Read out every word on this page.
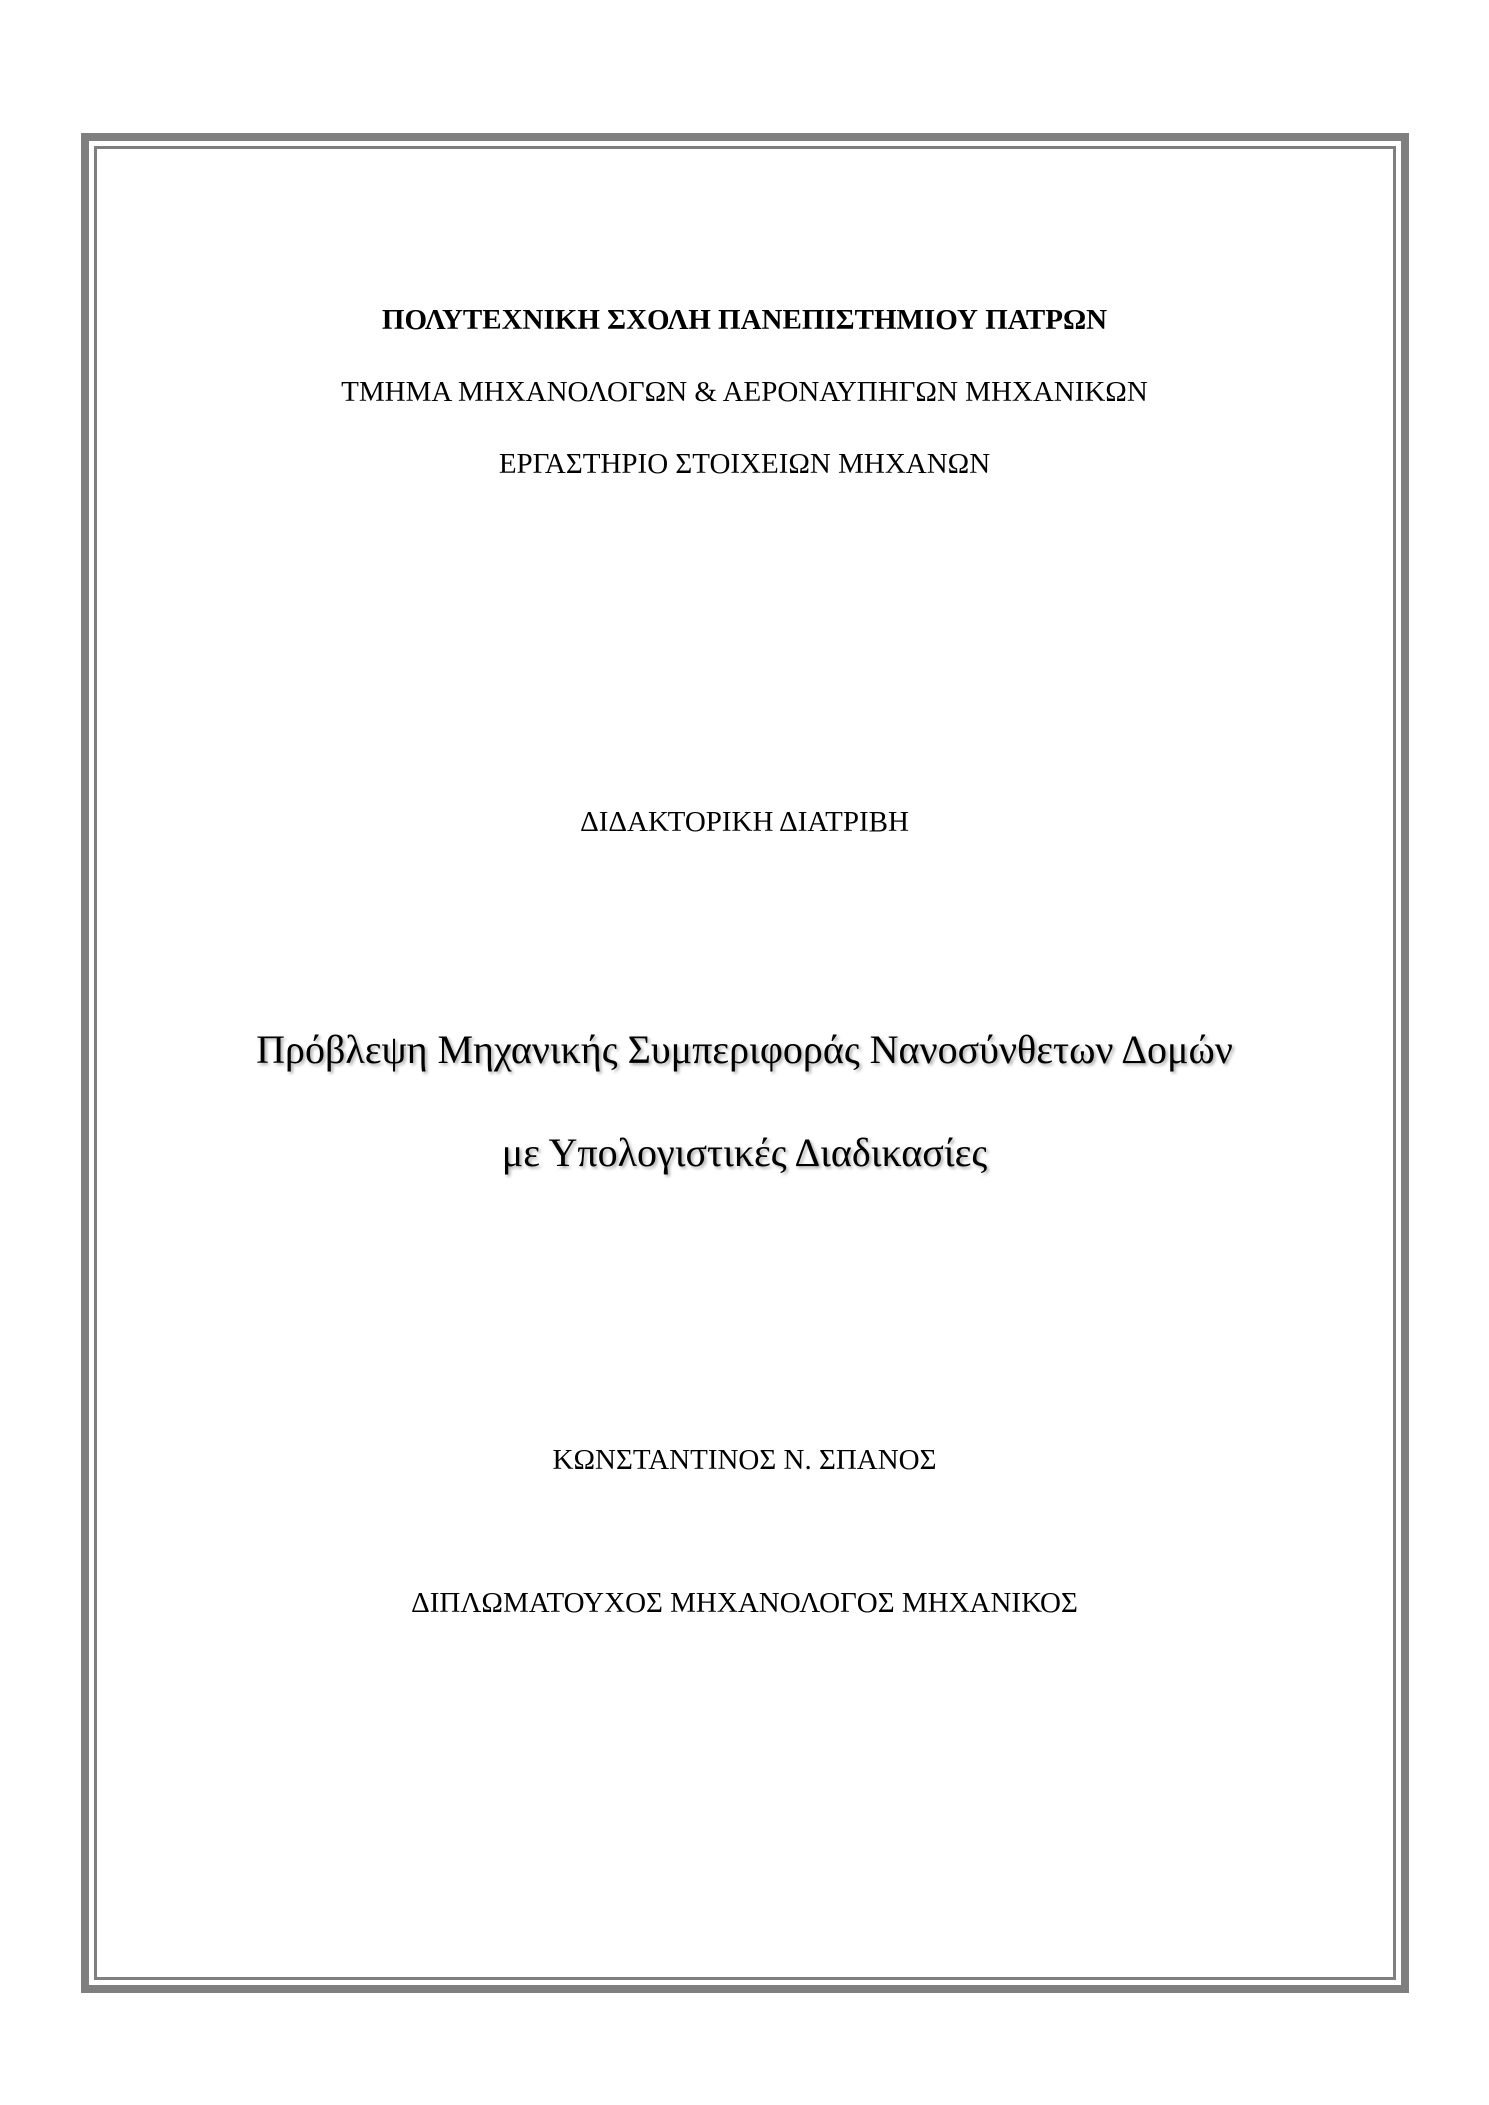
ΠΟΛΥΤΕΧΝΙΚΗ ΣΧΟΛΗ ΠΑΝΕΠΙΣΤΗΜΙΟΥ ΠΑΤΡΩΝ
ΤΜΗΜΑ ΜΗΧΑΝΟΛΟΓΩΝ & ΑΕΡΟΝΑΥΠΗΓΩΝ ΜΗΧΑΝΙΚΩΝ
ΕΡΓΑΣΤΗΡΙΟ ΣΤΟΙΧΕΙΩΝ ΜΗΧΑΝΩΝ
ΔΙΔΑΚΤΟΡΙΚΗ ΔΙΑΤΡΙΒΗ
Πρόβλεψη Μηχανικής Συμπεριφοράς Νανοσύνθετων Δομών
με Υπολογιστικές Διαδικασίες
ΚΩΝΣΤΑΝΤΙΝΟΣ Ν. ΣΠΑΝΟΣ
ΔΙΠΛΩΜΑΤΟΥΧΟΣ ΜΗΧΑΝΟΛΟΓΟΣ ΜΗΧΑΝΙΚΟΣ
